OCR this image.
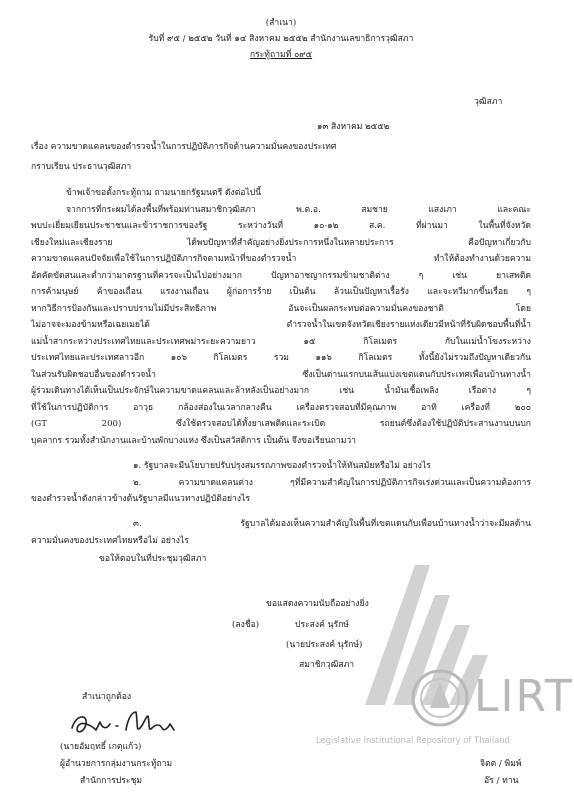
(สำเนา)
รับที่ ๙๕ / ๒๕๕๒ วันที่ ๑๔ สิงหาคม ๒๕๕๒ สำนักงานเลขาธิการวุฒิสภา
กระทู้ถามที่ ๐๙๕
วุฒิสภา
๑๓ สิงหาคม ๒๕๕๒
เรื่อง ความขาดแคลนของตำรวจน้ำในการปฏิบัติภารกิจด้านความมั่นคงของประเทศ
กราบเรียน ประธานวุฒิสภา
ข้าพเจ้าขอตั้งกระทู้ถาม ถามนายกรัฐมนตรี ดังต่อไปนี้
จากการที่กระผมได้ลงพื้นที่พร้อมท่านสมาชิกวุฒิสภา พ.ต.อ. สมชาย แสงเภา และคณะ
พบปะเยี่ยมเยียนประชาชนและข้าราชการของรัฐ ระหว่างวันที่ ๑๐-๑๒ ส.ค. ที่ผ่านมา ในพื้นที่จังหวัด
เชียงใหม่และเชียงราย ได้พบปัญหาที่สำคัญอย่างยิ่งประการหนึ่งในหลายประการ คือปัญหาเกี่ยวกับ
ความขาดแคลนปัจจัยเพื่อใช้ในการปฏิบัติภารกิจตามหน้าที่ของตำรวจน้ำ ทำให้ต้องทำงานด้วยความ
อัตคัดขัดสนและต่ำกว่ามาตรฐานที่ควรจะเป็นไปอย่างมาก ปัญหาอาชญากรรมข้ามชาติต่าง ๆ เช่น ยาเสพติด
การค้ามนุษย์ ค้าของเถื่อน แรงงานเถื่อน ผู้ก่อการร้าย เป็นต้น ล้วนเป็นปัญหาเรื้อรัง และจะทวีมากขึ้นเรื่อย ๆ
หากวิธีการป้องกันและปราบปรามไม่มีประสิทธิภาพ อันจะเป็นผลกระทบต่อความมั่นคงของชาติ โดย
ไม่อาจจะมองข้ามหรือเฉยเมยได้ ตำรวจน้ำในเขตจังหวัดเชียงรายแห่งเดียวมีหน้าที่รับผิดชอบพื้นที่น้ำ
แม่น้ำสากระหว่างประเทศไทยและประเทศพม่าระยะความยาว ๑๕ กิโลเมตร กับในแม่น้ำโขงระหว่าง
ประเทศไทยและประเทศลาวอีก ๑๐๖ กิโลเมตร รวม ๑๑๖ กิโลเมตร ทั้งนี้ยังไม่รวมถึงปัญหาเดียวกัน
ในส่วนรับผิดชอบอื่นของตำรวจน้ำ ซึ่งเป็นด่านแรกบนเส้นแบ่งเขตแดนกับประเทศเพื่อนบ้านทางน้ำ
ผู้ร่วมเดินทางได้เห็นเป็นประจักษ์ในความขาดแคลนและล้าหลังเป็นอย่างมาก เช่น น้ำมันเชื้อเพลิง เรือต่าง ๆ
ที่ใช้ในการปฏิบัติการ อาวุธ กล้องส่องในเวลากลางคืน เครื่องตรวจสอบที่มีคุณภาพ อาทิ เครื่องที่ ๒๐๐
(GT 200) ซึ่งใช้ตรวจสอบได้ทั้งยาเสพติดและระเบิด รถยนต์ซึ่งต้องใช้ปฏิบัติประสานงานบนบก
บุคลากร รวมทั้งสำนักงานและบ้านพักบางแห่ง ซึ่งเป็นสวัสดิการ เป็นต้น จึงขอเรียนถามว่า
๑. รัฐบาลจะมีนโยบายปรับปรุงสมรรถภาพของตำรวจน้ำให้ทันสมัยหรือไม่ อย่างไร
๒. ความขาดแคลนต่าง ๆที่มีความสำคัญในการปฏิบัติภารกิจเร่งด่วนและเป็นความต้องการ
ของตำรวจน้ำดังกล่าวข้างต้นรัฐบาลมีแนวทางปฏิบัติอย่างไร
๓. รัฐบาลได้มองเห็นความสำคัญในพื้นที่เขตแดนกับเพื่อนบ้านทางน้ำว่าจะมีผลด้าน
ความมั่นคงของประเทศไทยหรือไม่ อย่างไร
ขอให้ตอบในที่ประชุมวุฒิสภา
LIRT
Legislative Institutional Repository of Thailand
ขอแสดงความนับถืออย่างยิ่ง
(ลงชื่อ)	ประสงค์ นุรักษ์
(นายประสงค์ นุรักษ์)
สมาชิกวุฒิสภา
สำเนาถูกต้อง
(นายอัมฤทธิ์ เกตุแก้ว)
ผู้อำนวยการกลุ่มงานกระทู้ถาม
สำนักการประชุม
จิตต / พิมพ์
อ๊ร / ทาน
